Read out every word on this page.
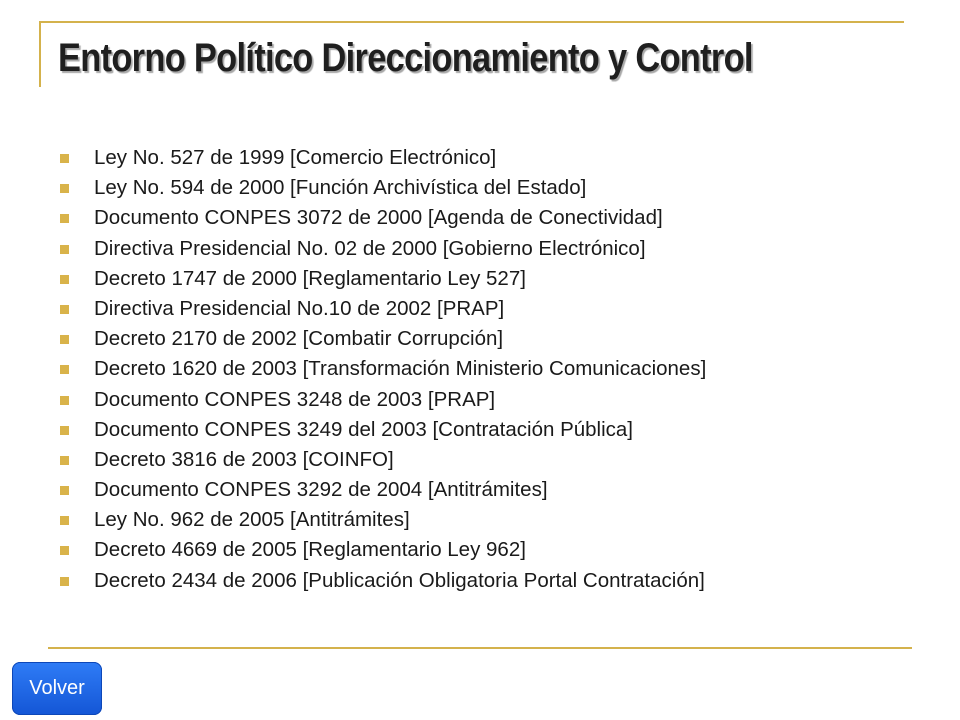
Entorno Político Direccionamiento y Control
Ley No. 527 de 1999 [Comercio Electrónico]
Ley No. 594 de 2000 [Función Archivística del Estado]
Documento CONPES 3072 de 2000 [Agenda de Conectividad]
Directiva Presidencial No. 02 de 2000 [Gobierno Electrónico]
Decreto 1747 de 2000 [Reglamentario Ley 527]
Directiva Presidencial No.10 de 2002 [PRAP]
Decreto 2170 de 2002 [Combatir Corrupción]
Decreto 1620 de 2003 [Transformación Ministerio Comunicaciones]
Documento CONPES 3248 de 2003 [PRAP]
Documento CONPES 3249 del 2003 [Contratación Pública]
Decreto 3816 de 2003 [COINFO]
Documento CONPES 3292 de 2004 [Antitrámites]
Ley No. 962 de 2005 [Antitrámites]
Decreto 4669 de 2005 [Reglamentario Ley 962]
Decreto 2434 de 2006 [Publicación Obligatoria Portal Contratación]
Volver
